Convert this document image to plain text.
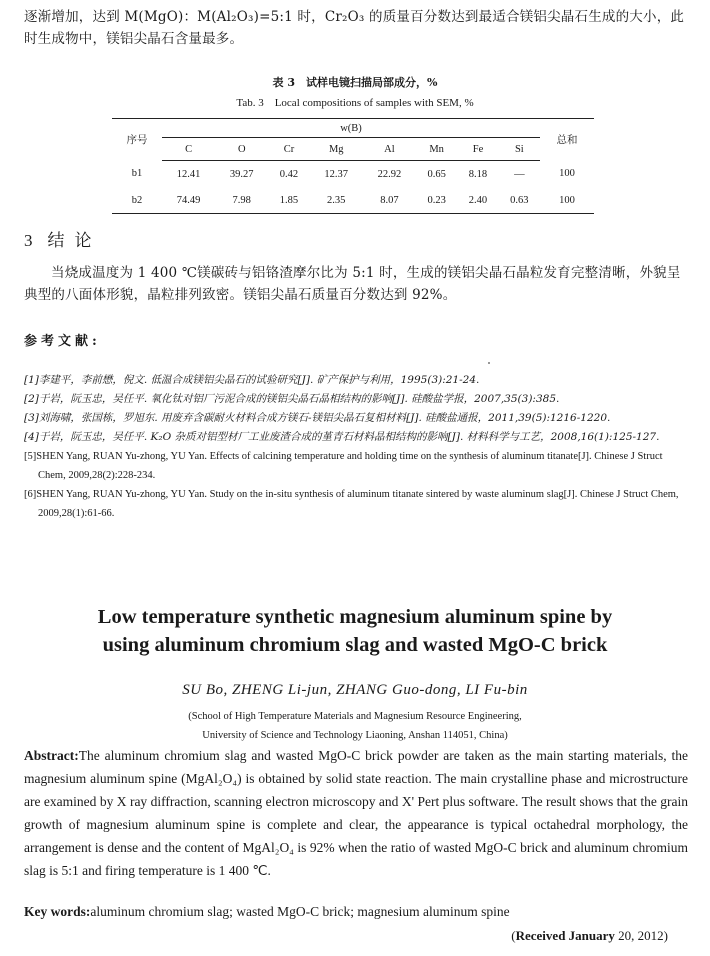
逐渐增加，达到 M(MgO)：M(Al₂O₃)=5:1 时，Cr₂O₃ 的质量百分数达到最适合镁铝尖晶石生成的大小，此时生成物中，镁铝尖晶石含量最多。

表 3　试样电镜扫描局部成分，%
Tab. 3　Local compositions of samples with SEM, %
序号	w(B)								总和
	C	O	Cr	Mg	Al	Mn	Fe	Si	
b1	12.41	39.27	0.42	12.37	22.92	0.65	8.18	—	100
b2	74.49	7.98	1.85	2.35	8.07	0.23	2.40	0.63	100
3 结论

当烧成温度为 1 400 ℃镁碳砖与铝铬渣摩尔比为 5:1 时，生成的镁铝尖晶石晶粒发育完整清晰，外貌呈典型的八面体形貌，晶粒排列致密。镁铝尖晶石质量百分数达到 92%。

参考文献:
[1]李建平，李前懋，倪文. 低温合成镁铝尖晶石的试验研究[J]. 矿产保护与利用，1995(3):21-24.
[2]于岩，阮玉忠，吴任平. 氧化钛对铝厂污泥合成的镁铝尖晶石晶相结构的影响[J]. 硅酸盐学报，2007,35(3):385.
[3]刘海啸，张国栋，罗旭东. 用废弃含碳耐火材料合成方镁石-镁铝尖晶石复相材料[J]. 硅酸盐通报，2011,39(5):1216-1220.
[4]于岩，阮玉忠，吴任平. K₂O 杂质对铝型材厂工业废渣合成的堇青石材料晶相结构的影响[J]. 材料科学与工艺，2008,16(1):125-127.
[5]SHEN Yang, RUAN Yu-zhong, YU Yan. Effects of calcining temperature and holding time on the synthesis of aluminum titanate[J]. Chinese J Struct Chem, 2009,28(2):228-234.
[6]SHEN Yang, RUAN Yu-zhong, YU Yan. Study on the in-situ synthesis of aluminum titanate sintered by waste aluminum slag[J]. Chinese J Struct Chem, 2009,28(1):61-66.
Low temperature synthetic magnesium aluminum spine by
using aluminum chromium slag and wasted MgO-C brick
SU Bo, ZHENG Li-jun, ZHANG Guo-dong, LI Fu-bin
(School of High Temperature Materials and Magnesium Resource Engineering,
University of Science and Technology Liaoning, Anshan 114051, China)

Abstract:The aluminum chromium slag and wasted MgO-C brick powder are taken as the main starting materials, the magnesium aluminum spine (MgAl₂O₄) is obtained by solid state reaction. The main crystalline phase and microstructure are examined by X ray diffraction, scanning electron microscopy and X' Pert plus software. The result shows that the grain growth of magnesium aluminum spine is complete and clear, the appearance is typical octahedral morphology, the arrangement is dense and the content of MgAl₂O₄ is 92% when the ratio of wasted MgO-C brick and aluminum chromium slag is 5:1 and firing temperature is 1 400 ℃.

Key words:aluminum chromium slag; wasted MgO-C brick; magnesium aluminum spine
(Received January 20, 2012)
